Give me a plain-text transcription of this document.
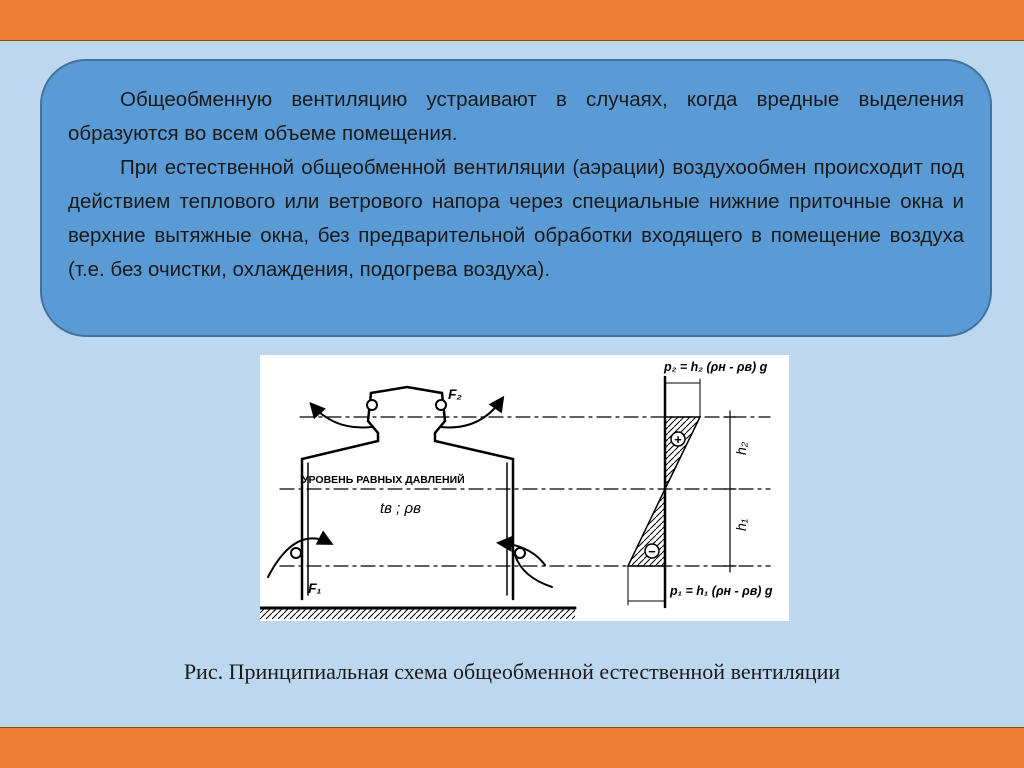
Общеобменную вентиляцию устраивают в случаях, когда вредные выделения образуются во всем объеме помещения.

При естественной общеобменной вентиляции (аэрации) воздухообмен происходит под действием теплового или ветрового напора через специальные нижние приточные окна и верхние вытяжные окна, без предварительной обработки входящего в помещение воздуха (т.е. без очистки, охлаждения, подогрева воздуха).

УРОВЕНЬ РАВНЫХ ДАВЛЕНИЙ
tв ; ρв
F₂
F₁
+
−
h₂
h₁
p₂ = h₂ (ρн - ρв) g
p₁ = h₁ (ρн - ρв) g
Рис. Принципиальная схема общеобменной естественной вентиляции
